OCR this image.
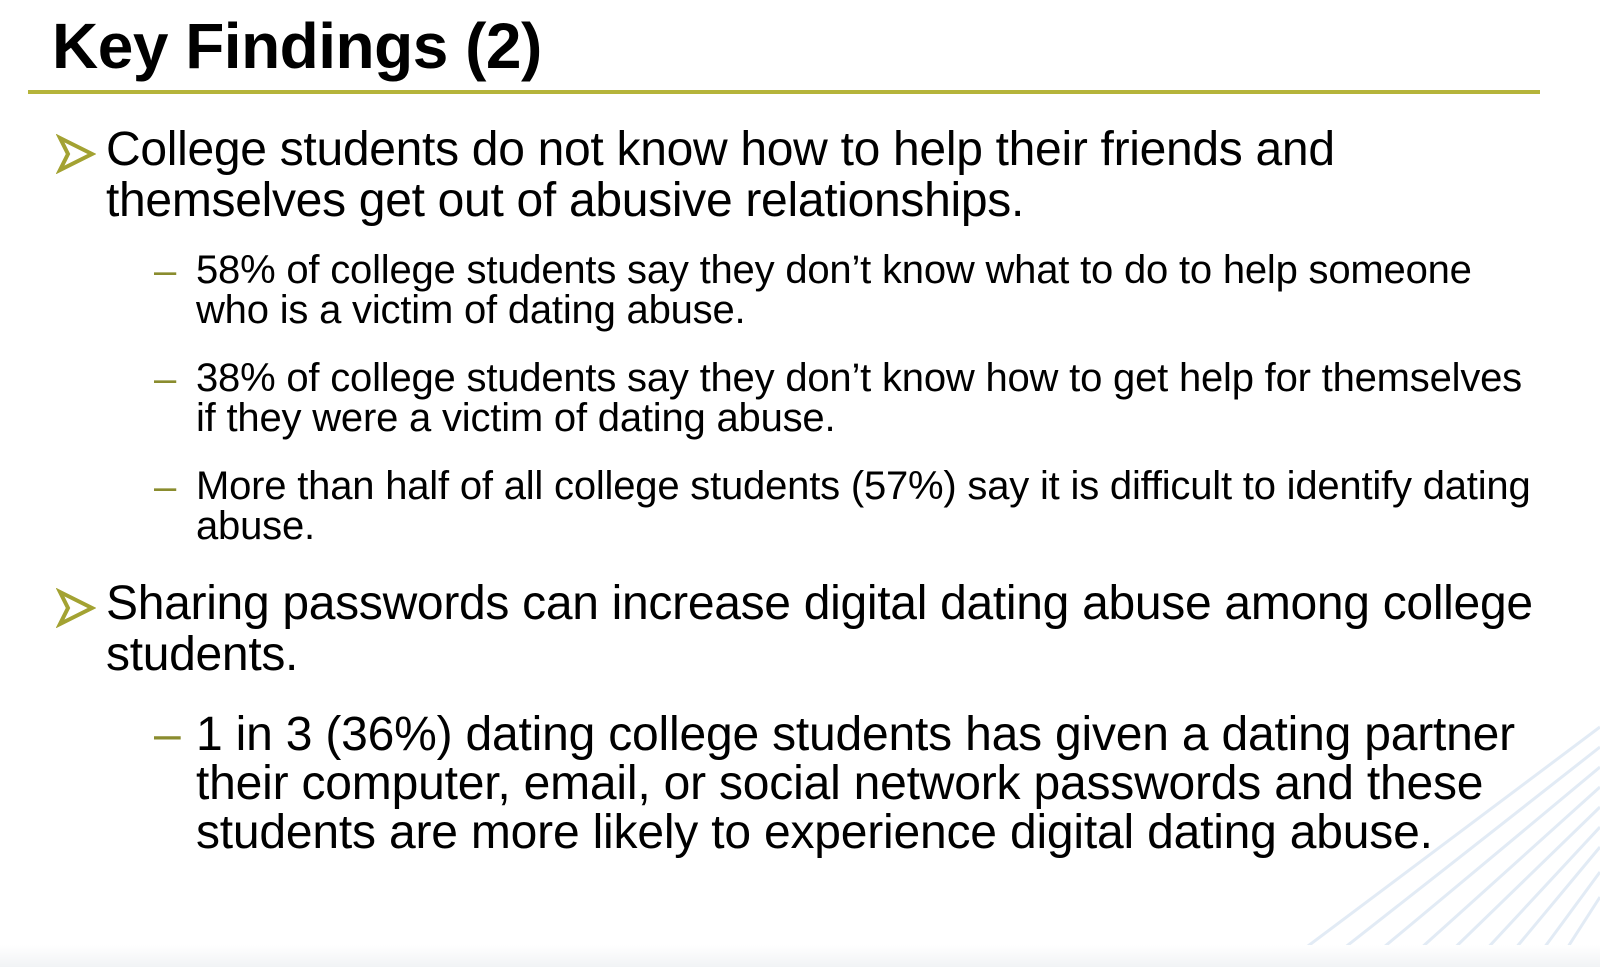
Key Findings (2)
College students do not know how to help their friends and themselves get out of abusive relationships.
– 58% of college students say they don’t know what to do to help someone who is a victim of dating abuse.
– 38% of college students say they don’t know how to get help for themselves if they were a victim of dating abuse.
– More than half of all college students (57%) say it is difficult to identify dating abuse.
Sharing passwords can increase digital dating abuse among college students.
– 1 in 3 (36%) dating college students has given a dating partner their computer, email, or social network passwords and these students are more likely to experience digital dating abuse.
